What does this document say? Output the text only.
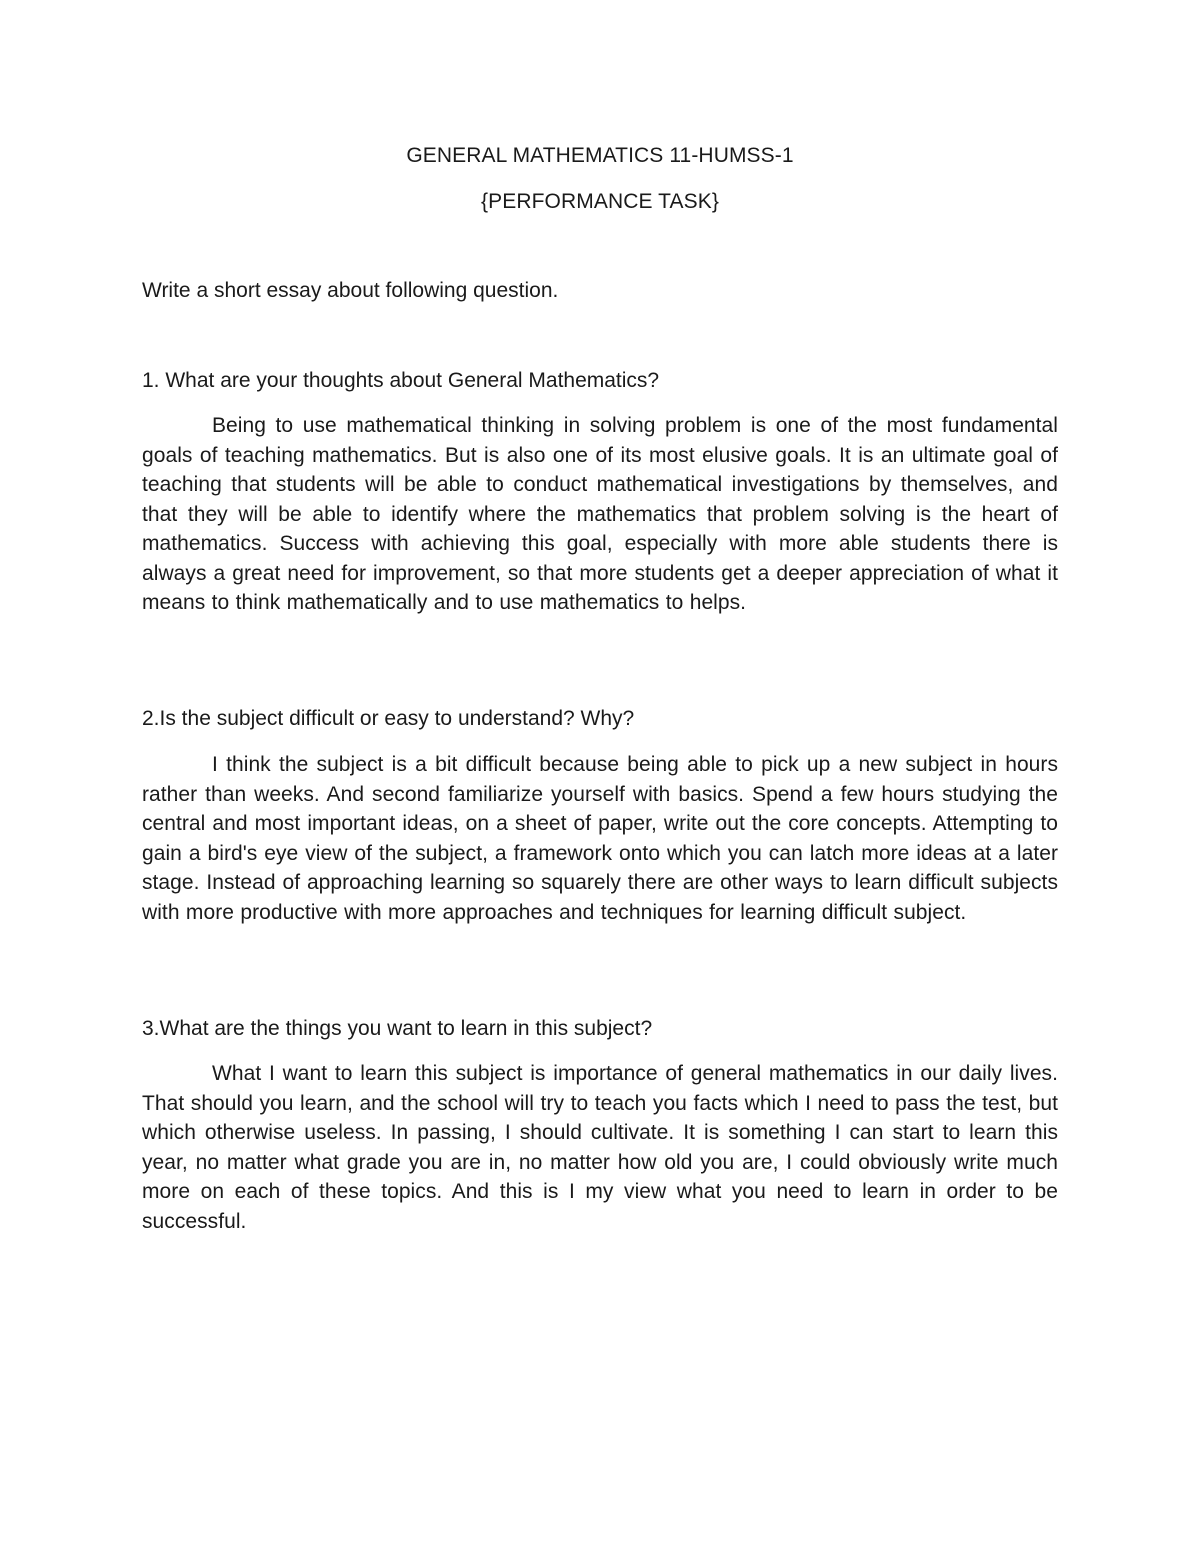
GENERAL MATHEMATICS 11-HUMSS-1
{PERFORMANCE TASK}
Write a short essay about following question.
1. What are your thoughts about General Mathematics?

Being to use mathematical thinking in solving problem is one of the most fundamental goals of teaching mathematics. But is also one of its most elusive goals. It is an ultimate goal of teaching that students will be able to conduct mathematical investigations by themselves, and that they will be able to identify where the mathematics that problem solving is the heart of mathematics. Success with achieving this goal, especially with more able students there is always a great need for improvement, so that more students get a deeper appreciation of what it means to think mathematically and to use mathematics to helps.

2.Is the subject difficult or easy to understand? Why?

I think the subject is a bit difficult because being able to pick up a new subject in hours rather than weeks. And second familiarize yourself with basics. Spend a few hours studying the central and most important ideas, on a sheet of paper, write out the core concepts. Attempting to gain a bird's eye view of the subject, a framework onto which you can latch more ideas at a later stage. Instead of approaching learning so squarely there are other ways to learn difficult subjects with more productive with more approaches and techniques for learning difficult subject.

3.What are the things you want to learn in this subject?

What I want to learn this subject is importance of general mathematics in our daily lives. That should you learn, and the school will try to teach you facts which I need to pass the test, but which otherwise useless. In passing, I should cultivate. It is something I can start to learn this year, no matter what grade you are in, no matter how old you are, I could obviously write much more on each of these topics. And this is I my view what you need to learn in order to be successful.
